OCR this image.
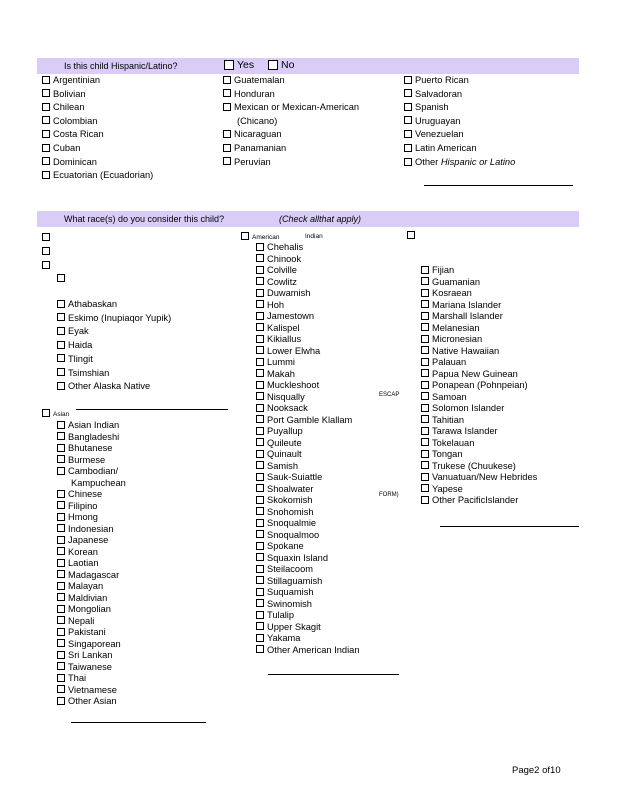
Is this child Hispanic/Latino?	Yes	No
Argentinian
Bolivian
Chilean
Colombian
Costa Rican
Cuban
Dominican
Ecuatorian (Ecuadorian)
Guatemalan
Honduran
Mexican or Mexican-American
(Chicano)
Nicaraguan
Panamanian
Peruvian
Puerto Rican
Salvadoran
Spanish
Uruguayan
Venezuelan
Latin American
Other Hispanic or Latino
What race(s) do you consider this child?	(Check allthat apply)
Athabaskan
Eskimo (Inupiaqor Yupik)
Eyak
Haida
Tlingit
Tsimshian
Other Alaska Native
Asian
Asian Indian
Bangladeshi
Bhutanese
Burmese
Cambodian/
Kampuchean
Chinese
Filipino
Hmong
Indonesian
Japanese
Korean
Laotian
Madagascar
Malayan
Maldivian
Mongolian
Nepali
Pakistani
Singaporean
Sri Lankan
Taiwanese
Thai
Vietnamese
Other Asian
American	Indian
Chehalis
Chinook
Colville
Cowlitz
Duwamish
Hoh
Jamestown
Kalispel
Kikiallus
Lower Elwha
Lummi
Makah
Muckleshoot
Nisqually
Nooksack
Port Gamble Klallam
Puyallup
Quileute
Quinault
Samish
Sauk-Suiattle
Shoalwater
Skokomish
Snohomish
Snoqualmie
Snoqualmoo
Spokane
Squaxin Island
Steilacoom
Stillaguamish
Suquamish
Swinomish
Tulalip
Upper Skagit
Yakama
Other American Indian
ESCAP
FORM)
Fijian
Guamanian
Kosraean
Mariana Islander
Marshall Islander
Melanesian
Micronesian
Native Hawaiian
Palauan
Papua New Guinean
Ponapean (Pohnpeian)
Samoan
Solomon Islander
Tahitian
Tarawa Islander
Tokelauan
Tongan
Trukese (Chuukese)
Vanuatuan/New Hebrides
Yapese
Other PacificIslander
Page2 of10
